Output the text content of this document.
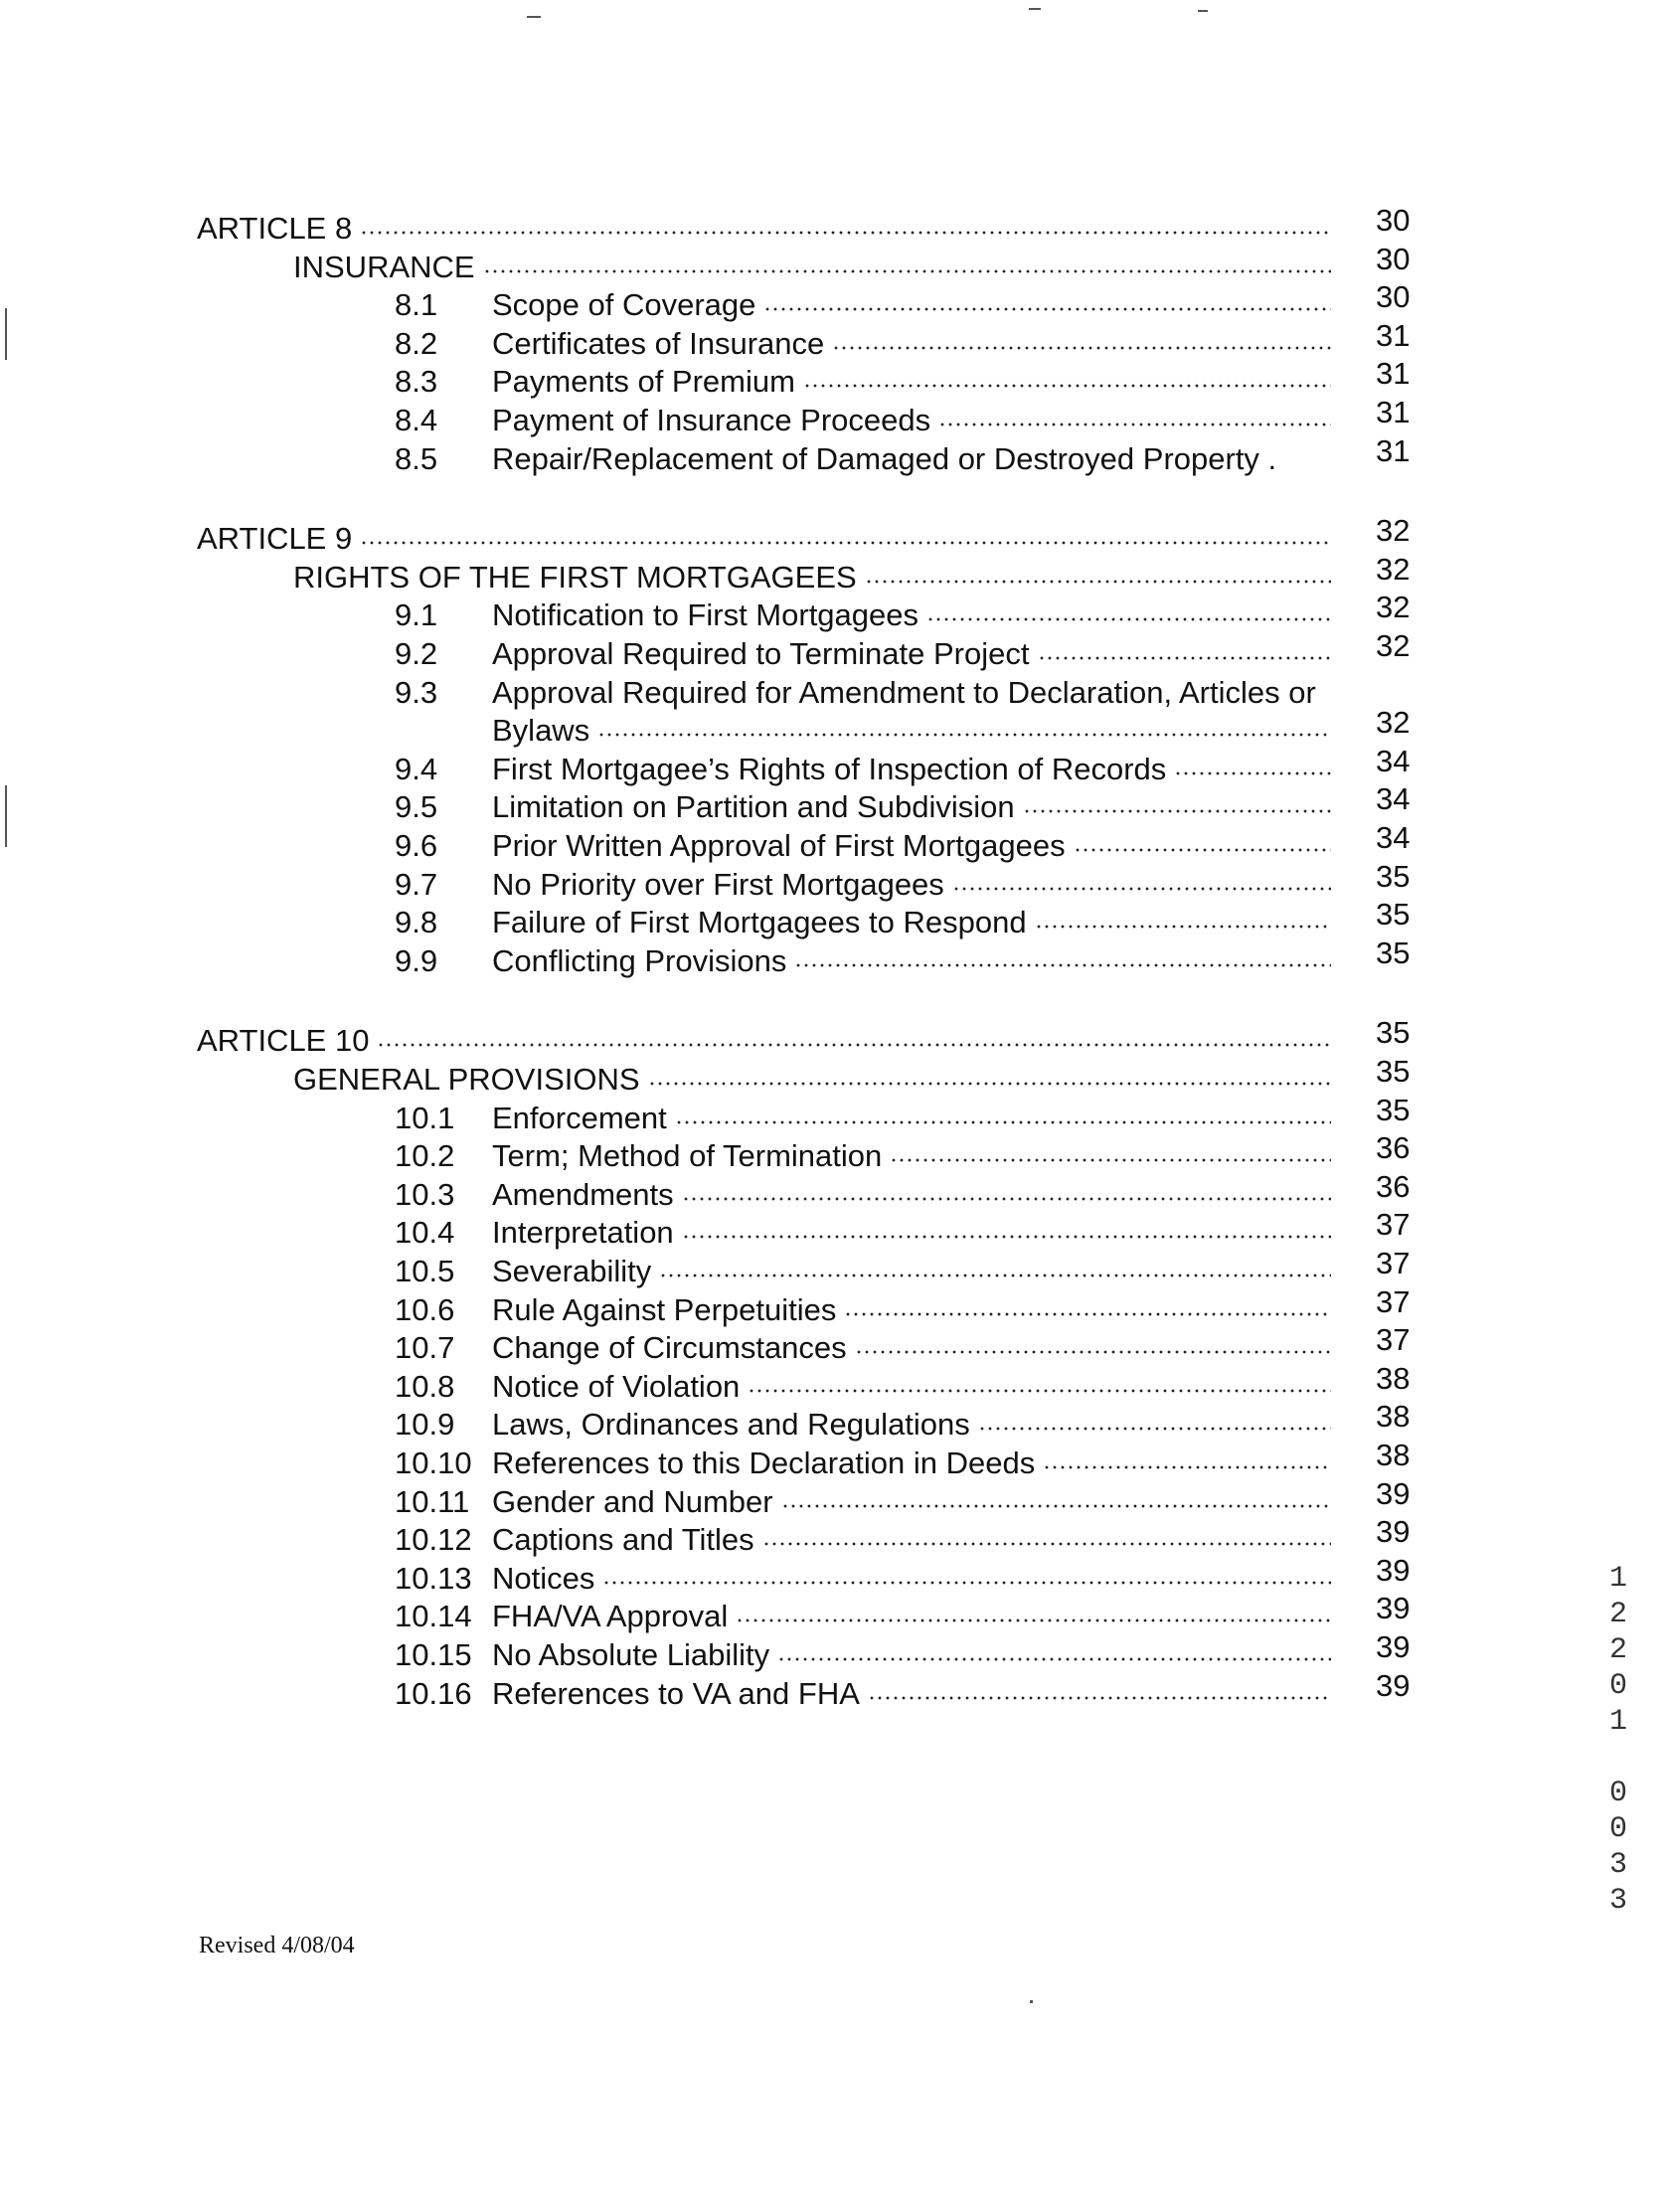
ARTICLE 8	30
INSURANCE	30
8.1	Scope of Coverage	30
8.2	Certificates of Insurance	31
8.3	Payments of Premium	31
8.4	Payment of Insurance Proceeds	31
8.5	Repair/Replacement of Damaged or Destroyed Property .	31
ARTICLE 9	32
RIGHTS OF THE FIRST MORTGAGEES	32
9.1	Notification to First Mortgagees	32
9.2	Approval Required to Terminate Project	32
9.3	Approval Required for Amendment to Declaration, Articles or
Bylaws	32
9.4	First Mortgagee’s Rights of Inspection of Records	34
9.5	Limitation on Partition and Subdivision	34
9.6	Prior Written Approval of First Mortgagees	34
9.7	No Priority over First Mortgagees	35
9.8	Failure of First Mortgagees to Respond	35
9.9	Conflicting Provisions	35
ARTICLE 10	35
GENERAL PROVISIONS	35
10.1	Enforcement	35
10.2	Term; Method of Termination	36
10.3	Amendments	36
10.4	Interpretation	37
10.5	Severability	37
10.6	Rule Against Perpetuities	37
10.7	Change of Circumstances	37
10.8	Notice of Violation	38
10.9	Laws, Ordinances and Regulations	38
10.10 References to this Declaration in Deeds	38
10.11 Gender and Number	39
10.12 Captions and Titles	39
10.13 Notices	39
10.14 FHA/VA Approval	39
10.15 No Absolute Liability	39
10.16 References to VA and FHA	39
Revised 4/08/04
1
2
2
0
1

0
0
3
3
